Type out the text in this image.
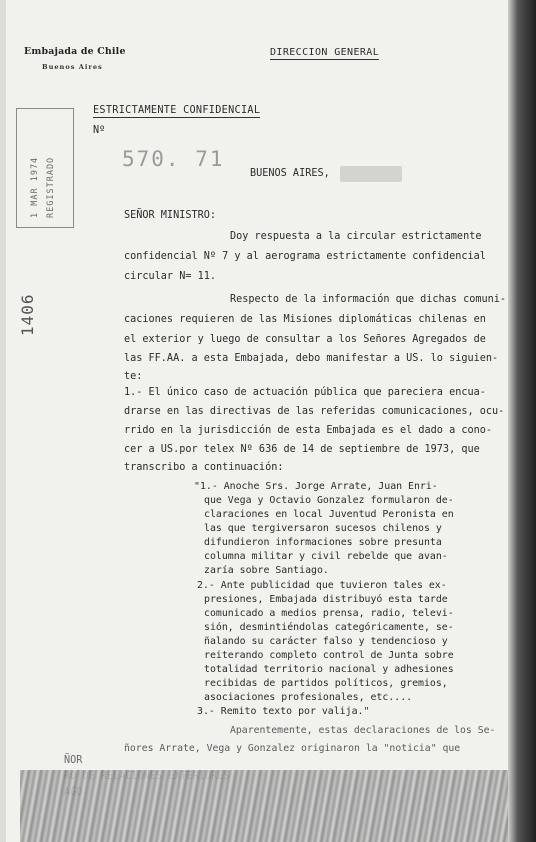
Embajada de Chile
Buenos Aires
DIRECCION GENERAL
ESTRICTAMENTE CONFIDENCIAL
Nº
570. 71
BUENOS AIRES,
1 MAR 1974 REGISTRADO
1406
SEÑOR MINISTRO:
Doy respuesta a la circular estrictamente
confidencial Nº 7 y al aerograma estrictamente confidencial
circular N= 11.
Respecto de la información que dichas comuni-
caciones requieren de las Misiones diplomáticas chilenas en
el exterior y luego de consultar a los Señores Agregados de
las FF.AA. a esta Embajada, debo manifestar a US. lo siguien-
te:
1.- El único caso de actuación pública que pareciera encua-
drarse en las directivas de las referidas comunicaciones, ocu-
rrido en la jurisdicción de esta Embajada es el dado a cono-
cer a US.por telex Nº 636 de 14 de septiembre de 1973, que
transcribo a continuación:
"1.- Anoche Srs. Jorge Arrate, Juan Enri-
que Vega y Octavio Gonzalez formularon de-
claraciones en local Juventud Peronista en
las que tergiversaron sucesos chilenos y
difundieron informaciones sobre presunta
columna militar y civil rebelde que avan-
zaría sobre Santiago.
2.- Ante publicidad que tuvieron tales ex-
presiones, Embajada distribuyó esta tarde
comunicado a medios prensa, radio, televi-
sión, desmintiéndolas categóricamente, se-
ñalando su carácter falso y tendencioso y
reiterando completo control de Junta sobre
totalidad territorio nacional y adhesiones
recibidas de partidos políticos, gremios,
asociaciones profesionales, etc....
3.- Remito texto por valija."
Aparentemente, estas declaraciones de los Se-
ñores Arrate, Vega y Gonzalez originaron la "noticia" que
ÑOR
